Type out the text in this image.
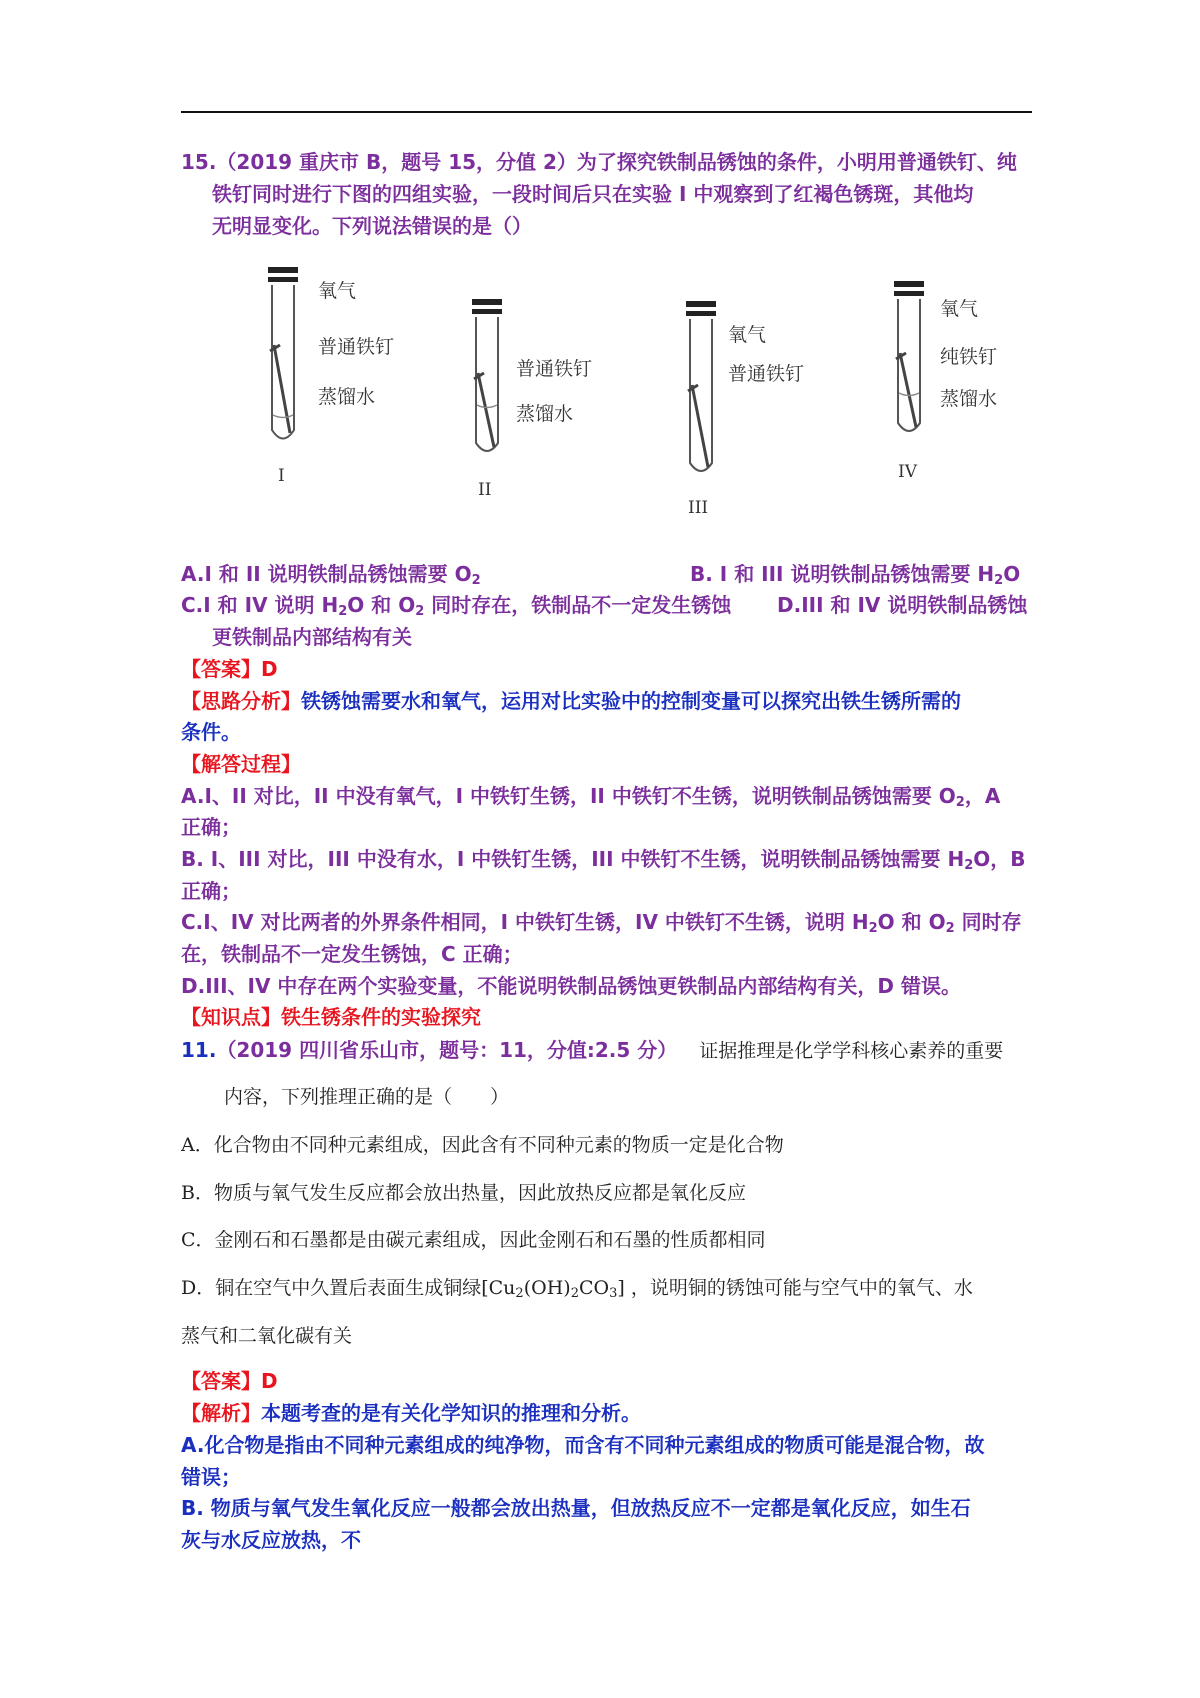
15.（2019 重庆市 B，题号 15，分值 2）为了探究铁制品锈蚀的条件，小明用普通铁钉、纯
铁钉同时进行下图的四组实验，一段时间后只在实验 I 中观察到了红褐色锈斑，其他均
无明显变化。下列说法错误的是（）
I
氧气
普通铁钉
蒸馏水
II
普通铁钉
蒸馏水
III
氧气
普通铁钉
IV
氧气
纯铁钉
蒸馏水
A.I 和 II 说明铁制品锈蚀需要 $O_2$	B. I 和 III 说明铁制品锈蚀需要 $H_2O$
C.I 和 IV 说明 $H_2O$ 和 $O_2$ 同时存在，铁制品不一定发生锈蚀 D.III 和 IV 说明铁制品锈蚀
更铁制品内部结构有关
【答案】D
【思路分析】铁锈蚀需要水和氧气，运用对比实验中的控制变量可以探究出铁生锈所需的
条件。
【解答过程】
A.I、II 对比，II 中没有氧气，I 中铁钉生锈，II 中铁钉不生锈，说明铁制品锈蚀需要 $O_2$，A
正确；
B. I、III 对比，III 中没有水，I 中铁钉生锈，III 中铁钉不生锈，说明铁制品锈蚀需要 $H_2O$，B
正确；
C.I、IV 对比两者的外界条件相同，I 中铁钉生锈，IV 中铁钉不生锈，说明 $H_2O$ 和 $O_2$ 同时存
在，铁制品不一定发生锈蚀，C 正确；
D.III、IV 中存在两个实验变量，不能说明铁制品锈蚀更铁制品内部结构有关，D 错误。
【知识点】铁生锈条件的实验探究
11.（2019 四川省乐山市，题号：11，分值:2.5 分） 证据推理是化学学科核心素养的重要
内容，下列推理正确的是（　　）
A．化合物由不同种元素组成，因此含有不同种元素的物质一定是化合物
B．物质与氧气发生反应都会放出热量，因此放热反应都是氧化反应
C．金刚石和石墨都是由碳元素组成，因此金刚石和石墨的性质都相同
D．铜在空气中久置后表面生成铜绿$[Cu_2(OH)_2CO_3]$ ，说明铜的锈蚀可能与空气中的氧气、水
蒸气和二氧化碳有关
【答案】D
【解析】本题考查的是有关化学知识的推理和分析。
A.化合物是指由不同种元素组成的纯净物，而含有不同种元素组成的物质可能是混合物，故
错误；
B. 物质与氧气发生氧化反应一般都会放出热量，但放热反应不一定都是氧化反应，如生石
灰与水反应放热，不
